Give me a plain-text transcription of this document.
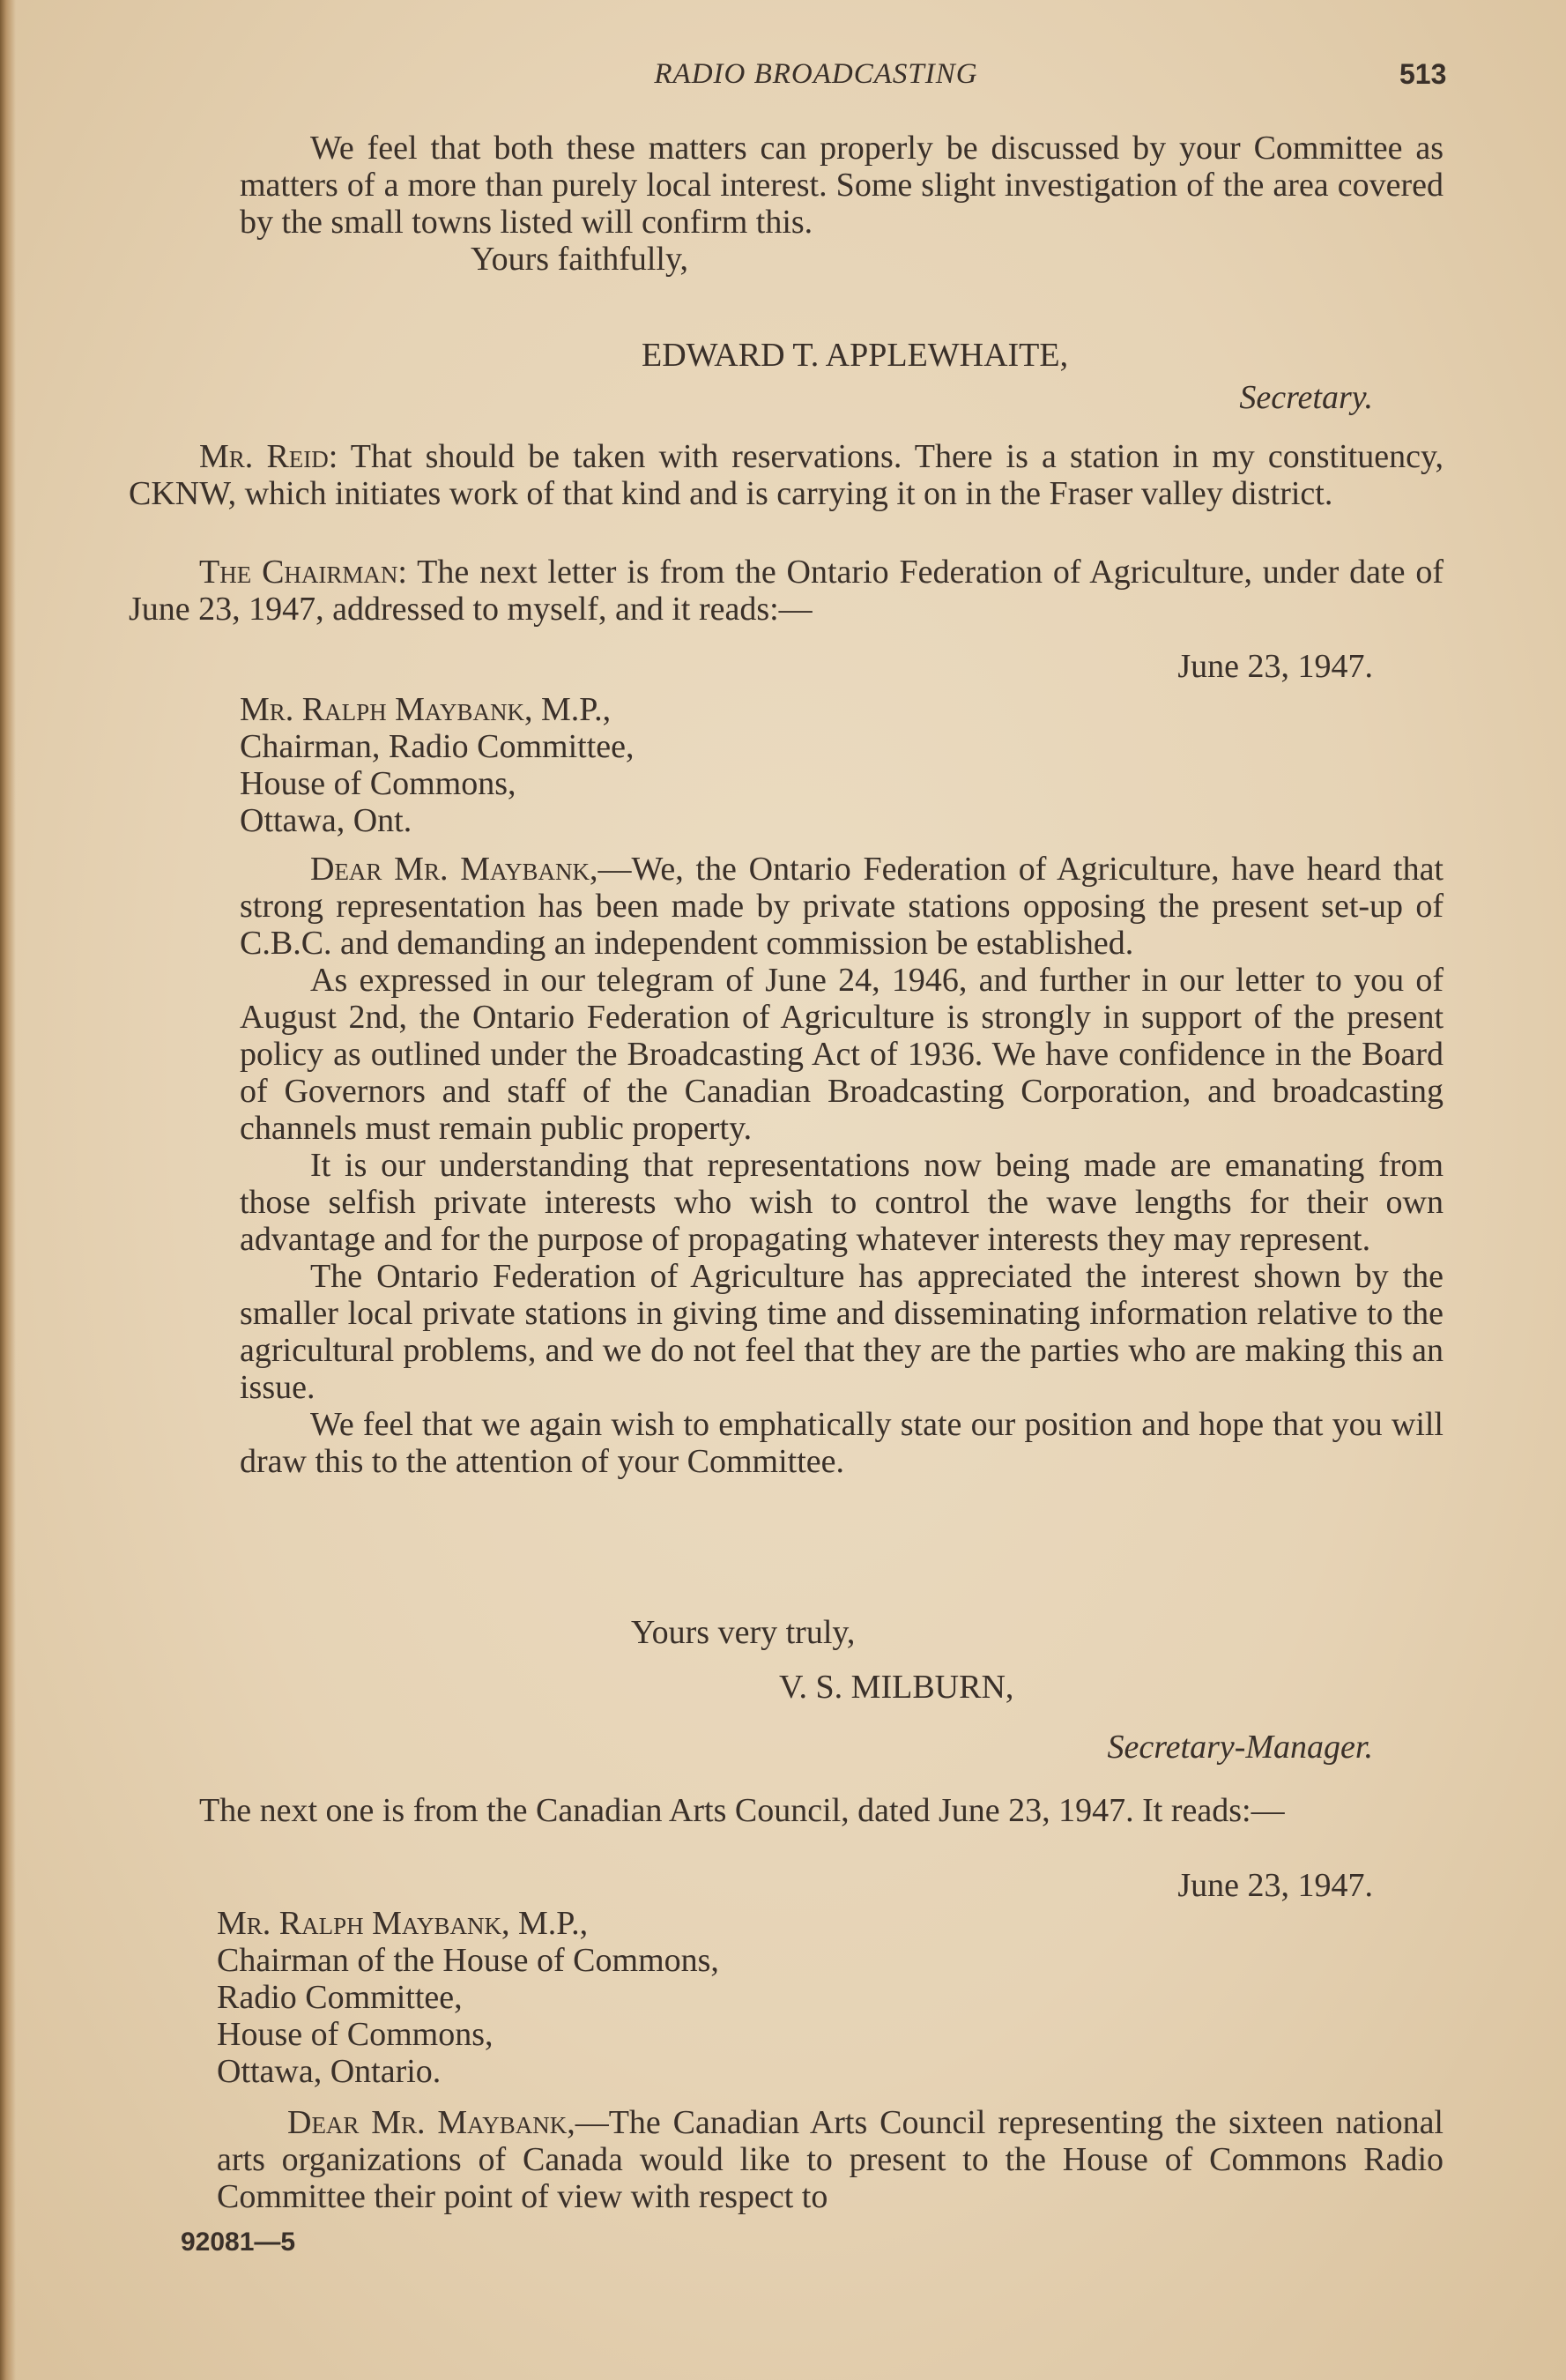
RADIO BROADCASTING	513

We feel that both these matters can properly be discussed by your Committee as matters of a more than purely local interest. Some slight investigation of the area covered by the small towns listed will confirm this.

Yours faithfully,

EDWARD T. APPLEWHAITE,
Secretary.

Mr. Reid: That should be taken with reservations. There is a station in my constituency, CKNW, which initiates work of that kind and is carrying it on in the Fraser valley district.

The Chairman: The next letter is from the Ontario Federation of Agriculture, under date of June 23, 1947, addressed to myself, and it reads:—

June 23, 1947.

Mr. Ralph Maybank, M.P.,

Chairman, Radio Committee,

House of Commons,

Ottawa, Ont.

Dear Mr. Maybank,—We, the Ontario Federation of Agriculture, have heard that strong representation has been made by private stations opposing the present set-up of C.B.C. and demanding an independent commission be established.

As expressed in our telegram of June 24, 1946, and further in our letter to you of August 2nd, the Ontario Federation of Agriculture is strongly in support of the present policy as outlined under the Broadcasting Act of 1936. We have confidence in the Board of Governors and staff of the Canadian Broadcasting Corporation, and broadcasting channels must remain public property.

It is our understanding that representations now being made are emanating from those selfish private interests who wish to control the wave lengths for their own advantage and for the purpose of propagating whatever interests they may represent.

The Ontario Federation of Agriculture has appreciated the interest shown by the smaller local private stations in giving time and disseminating information relative to the agricultural problems, and we do not feel that they are the parties who are making this an issue.

We feel that we again wish to emphatically state our position and hope that you will draw this to the attention of your Committee.

Yours very truly,
V. S. MILBURN,
Secretary-Manager.

The next one is from the Canadian Arts Council, dated June 23, 1947. It reads:—

June 23, 1947.

Mr. Ralph Maybank, M.P.,

Chairman of the House of Commons,

Radio Committee,

House of Commons,

Ottawa, Ontario.

Dear Mr. Maybank,—The Canadian Arts Council representing the sixteen national arts organizations of Canada would like to present to the House of Commons Radio Committee their point of view with respect to

92081—5
